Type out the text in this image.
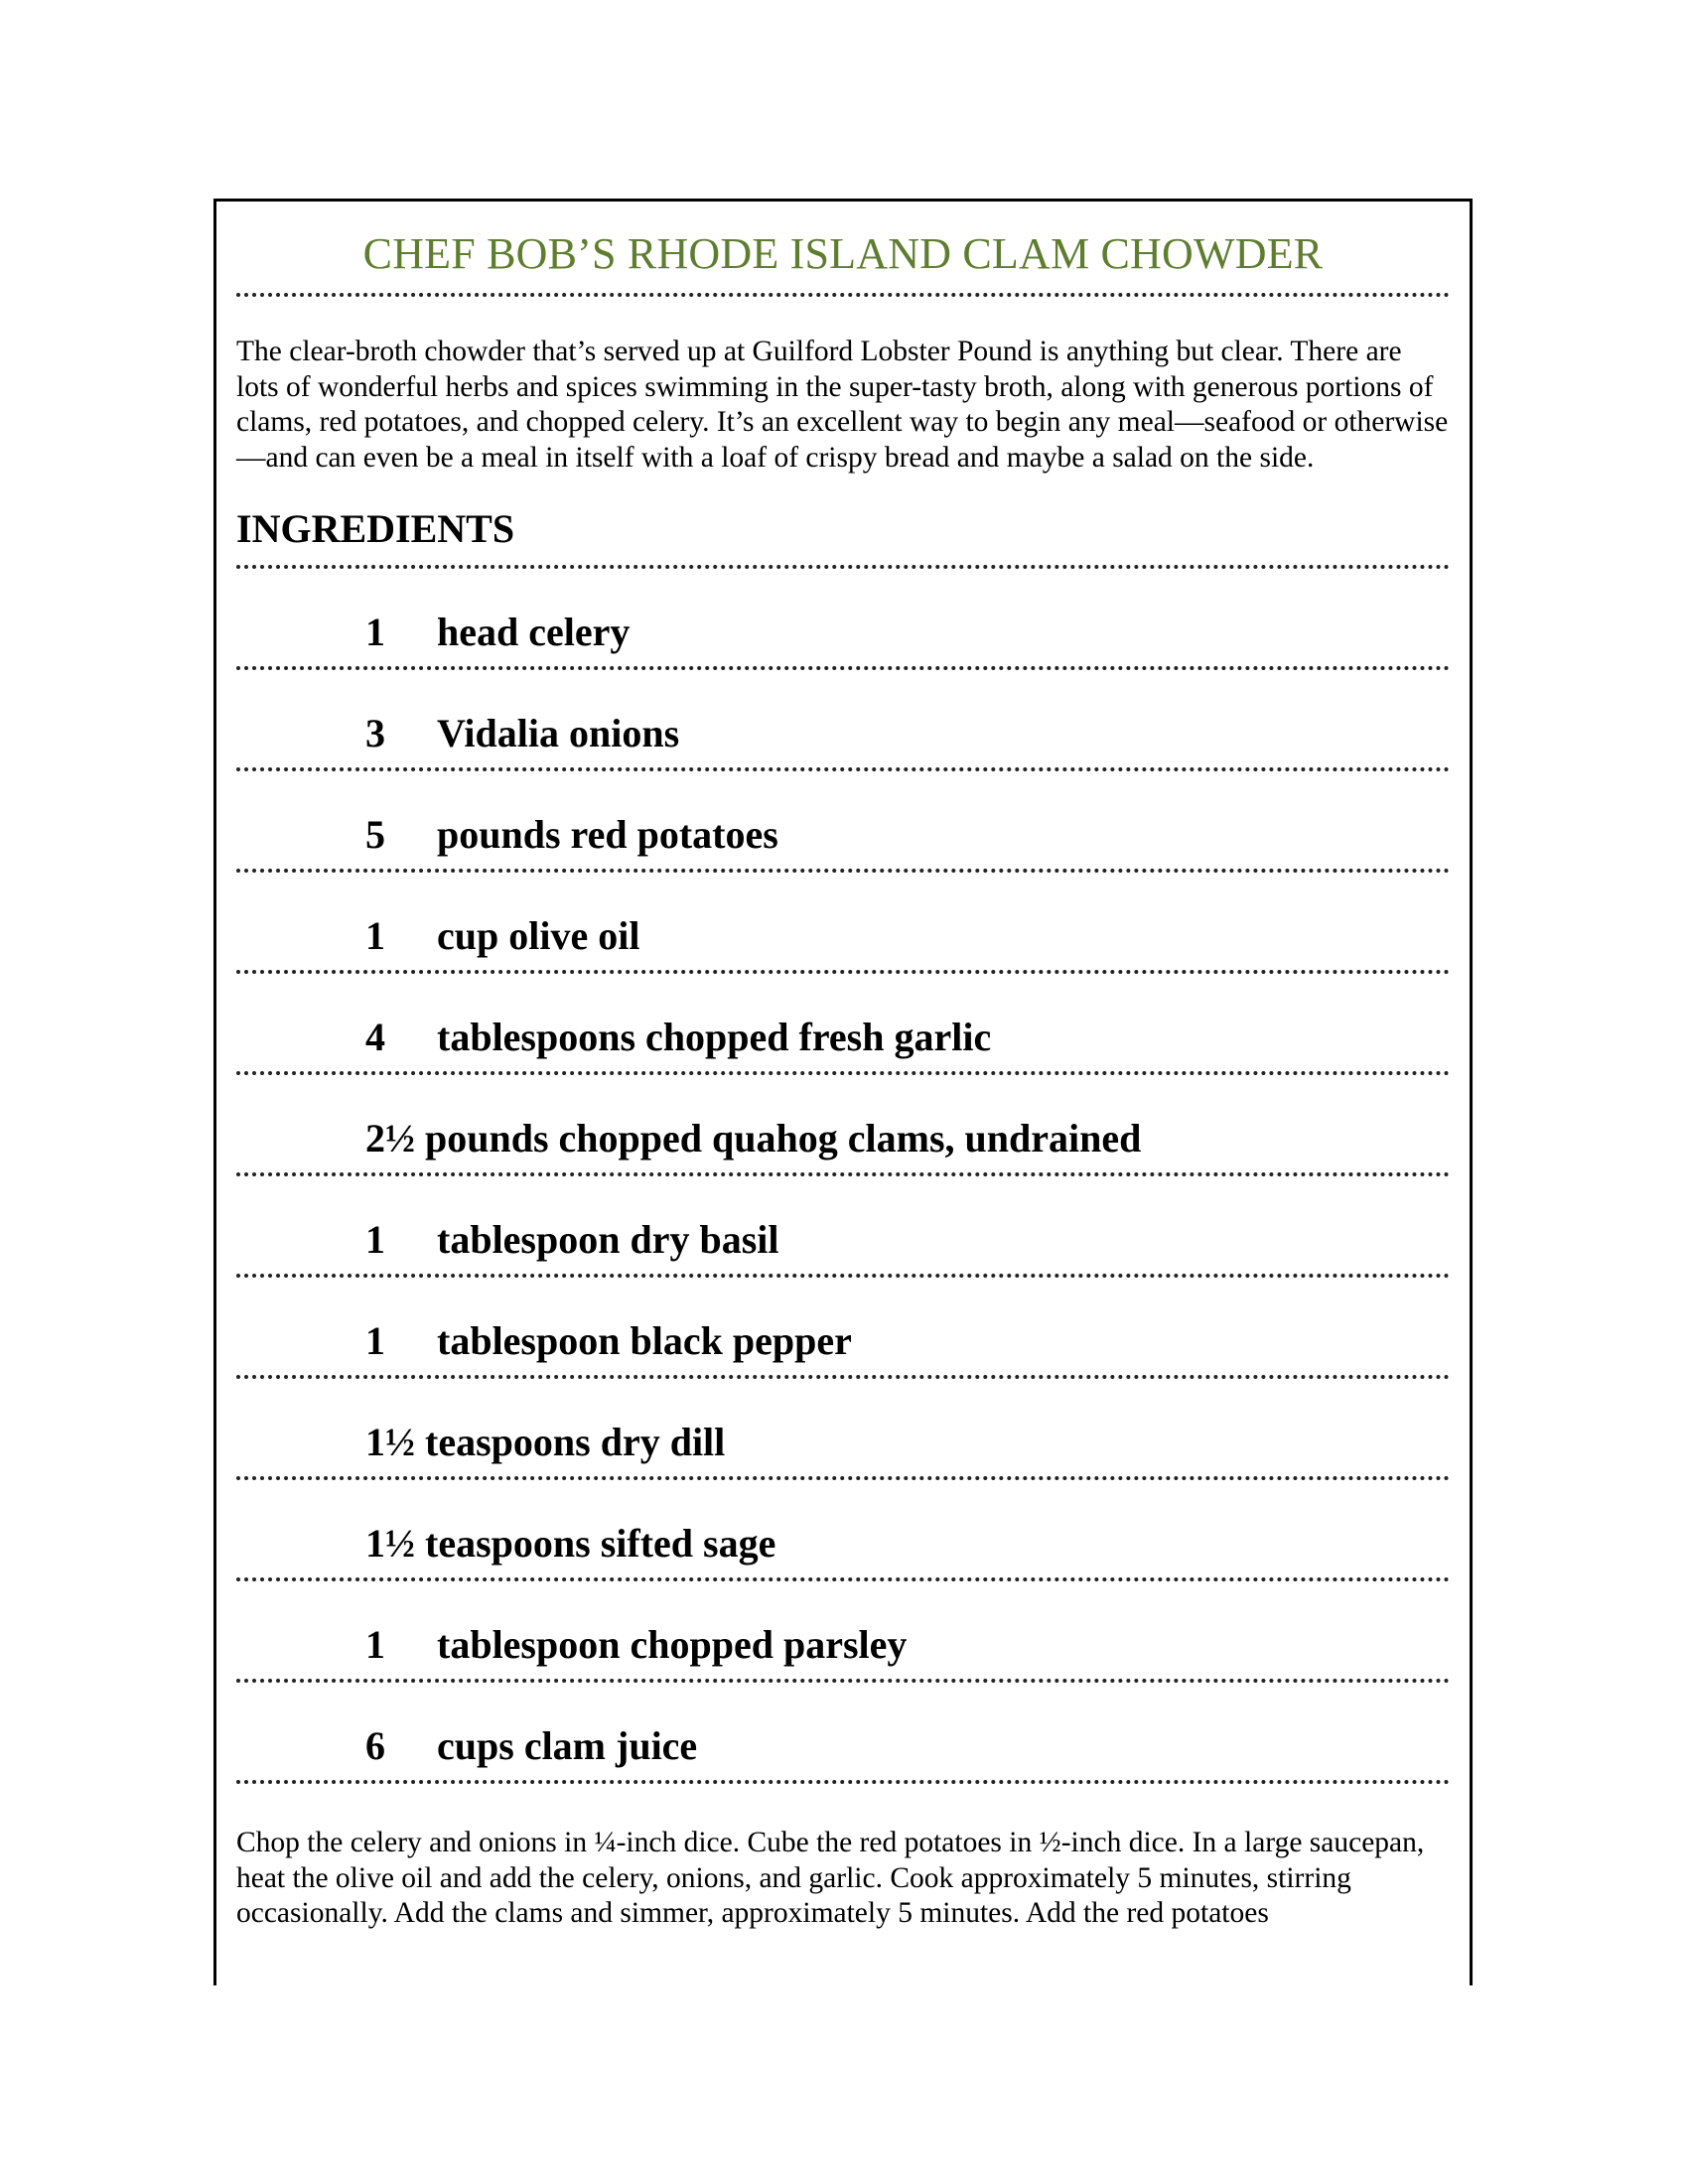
CHEF BOB’S RHODE ISLAND CLAM CHOWDER

The clear-broth chowder that’s served up at Guilford Lobster Pound is anything but clear. There are lots of wonderful herbs and spices swimming in the super-tasty broth, along with generous portions of clams, red potatoes, and chopped celery. It’s an excellent way to begin any meal—seafood or otherwise—and can even be a meal in itself with a loaf of crispy bread and maybe a salad on the side.

INGREDIENTS
1 head celery
3 Vidalia onions
5 pounds red potatoes
1 cup olive oil
4 tablespoons chopped fresh garlic
2½ pounds chopped quahog clams, undrained
1 tablespoon dry basil
1 tablespoon black pepper
1½ teaspoons dry dill
1½ teaspoons sifted sage
1 tablespoon chopped parsley
6 cups clam juice

Chop the celery and onions in ¼-inch dice. Cube the red potatoes in ½-inch dice. In a large saucepan, heat the olive oil and add the celery, onions, and garlic. Cook approximately 5 minutes, stirring occasionally. Add the clams and simmer, approximately 5 minutes. Add the red potatoes
